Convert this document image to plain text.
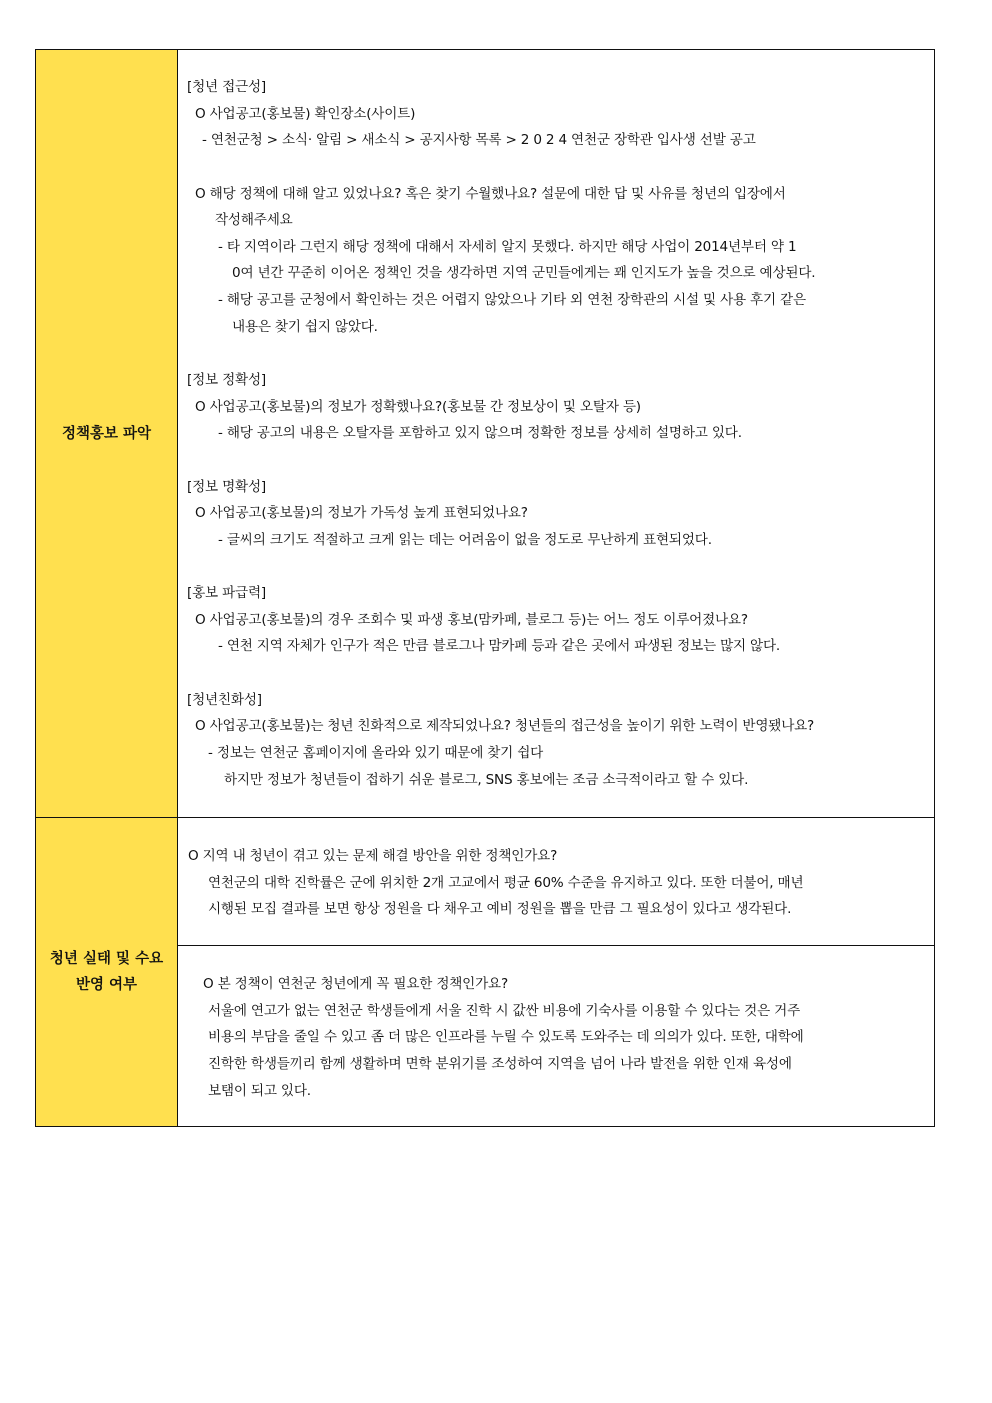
정책홍보 파악
[청년 접근성]
O 사업공고(홍보물) 확인장소(사이트)
- 연천군청 > 소식· 알림 > 새소식 > 공지사항 목록 > 2 0 2 4 연천군 장학관 입사생 선발 공고
O 해당 정책에 대해 알고 있었나요? 혹은 찾기 수월했나요? 설문에 대한 답 및 사유를 청년의 입장에서
작성해주세요
- 타 지역이라 그런지 해당 정책에 대해서 자세히 알지 못했다. 하지만 해당 사업이 2014년부터 약 1
0여 년간 꾸준히 이어온 정책인 것을 생각하면 지역 군민들에게는 꽤 인지도가 높을 것으로 예상된다.
- 해당 공고를 군청에서 확인하는 것은 어렵지 않았으나 기타 외 연천 장학관의 시설 및 사용 후기 같은
내용은 찾기 쉽지 않았다.
[정보 정확성]
O 사업공고(홍보물)의 정보가 정확했나요?(홍보물 간 정보상이 및 오탈자 등)
- 해당 공고의 내용은 오탈자를 포함하고 있지 않으며 정확한 정보를 상세히 설명하고 있다.
[정보 명확성]
O 사업공고(홍보물)의 정보가 가독성 높게 표현되었나요?
- 글씨의 크기도 적절하고 크게 읽는 데는 어려움이 없을 정도로 무난하게 표현되었다.
[홍보 파급력]
O 사업공고(홍보물)의 경우 조회수 및 파생 홍보(맘카페, 블로그 등)는 어느 정도 이루어졌나요?
- 연천 지역 자체가 인구가 적은 만큼 블로그나 맘카페 등과 같은 곳에서 파생된 정보는 많지 않다.
[청년친화성]
O 사업공고(홍보물)는 청년 친화적으로 제작되었나요? 청년들의 접근성을 높이기 위한 노력이 반영됐나요?
- 정보는 연천군 홈페이지에 올라와 있기 때문에 찾기 쉽다
하지만 정보가 청년들이 접하기 쉬운 블로그, SNS 홍보에는 조금 소극적이라고 할 수 있다.
청년 실태 및 수요
반영 여부
O 지역 내 청년이 겪고 있는 문제 해결 방안을 위한 정책인가요?
연천군의 대학 진학률은 군에 위치한 2개 고교에서 평균 60% 수준을 유지하고 있다. 또한 더불어, 매년
시행된 모집 결과를 보면 항상 정원을 다 채우고 예비 정원을 뽑을 만큼 그 필요성이 있다고 생각된다.
O 본 정책이 연천군 청년에게 꼭 필요한 정책인가요?
서울에 연고가 없는 연천군 학생들에게 서울 진학 시 값싼 비용에 기숙사를 이용할 수 있다는 것은 거주
비용의 부담을 줄일 수 있고 좀 더 많은 인프라를 누릴 수 있도록 도와주는 데 의의가 있다. 또한, 대학에
진학한 학생들끼리 함께 생활하며 면학 분위기를 조성하여 지역을 넘어 나라 발전을 위한 인재 육성에
보탬이 되고 있다.
